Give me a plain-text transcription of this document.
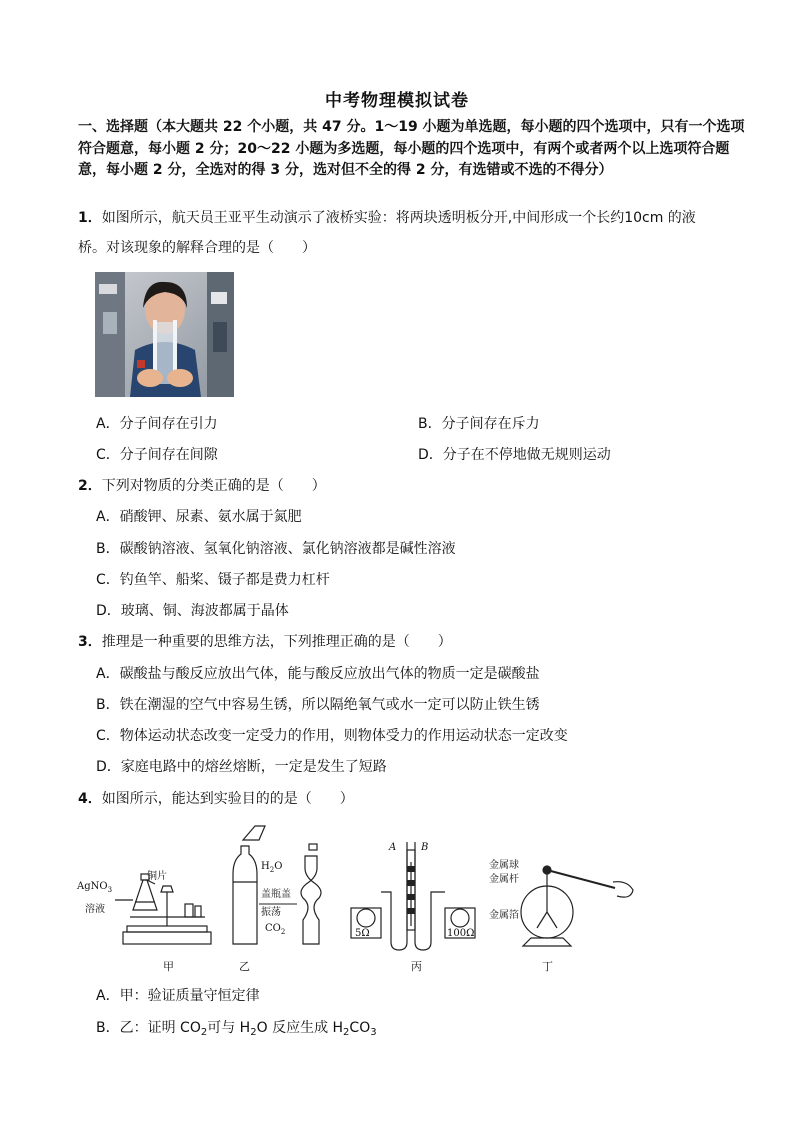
中考物理模拟试卷
一、选择题（本大题共 22 个小题，共 47 分。1～19 小题为单选题，每小题的四个选项中，只有一个选项符合题意，每小题 2 分；20～22 小题为多选题，每小题的四个选项中，有两个或者两个以上选项符合题意，每小题 2 分，全选对的得 3 分，选对但不全的得 2 分，有选错或不选的不得分）
1．如图所示，航天员王亚平生动演示了液桥实验：将两块透明板分开,中间形成一个长约10cm 的液
桥。对该现象的解释合理的是（　　）
A．分子间存在引力	B．分子间存在斥力
C．分子间存在间隙	D．分子在不停地做无规则运动
2．下列对物质的分类正确的是（　　）
A．硝酸钾、尿素、氨水属于氮肥
B．碳酸钠溶液、氢氧化钠溶液、氯化钠溶液都是碱性溶液
C．钓鱼竿、船桨、镊子都是费力杠杆
D．玻璃、铜、海波都属于晶体
3．推理是一种重要的思维方法，下列推理正确的是（　　）
A．碳酸盐与酸反应放出气体，能与酸反应放出气体的物质一定是碳酸盐
B．铁在潮湿的空气中容易生锈，所以隔绝氧气或水一定可以防止铁生锈
C．物体运动状态改变一定受力的作用，则物体受力的作用运动状态一定改变
D．家庭电路中的熔丝熔断，一定是发生了短路
4．如图所示，能达到实验目的的是（　　）
AgNO$_3$
溶液
铜片
甲
$H_2O$
盖瓶盖
振荡
$CO_2$
乙
A B
5Ω	100Ω
丙
金属球
金属杆
金属箔
丁
A．甲：验证质量守恒定律
B．乙：证明 $CO_2$可与 $H_2O$ 反应生成 $H_2CO_3$
